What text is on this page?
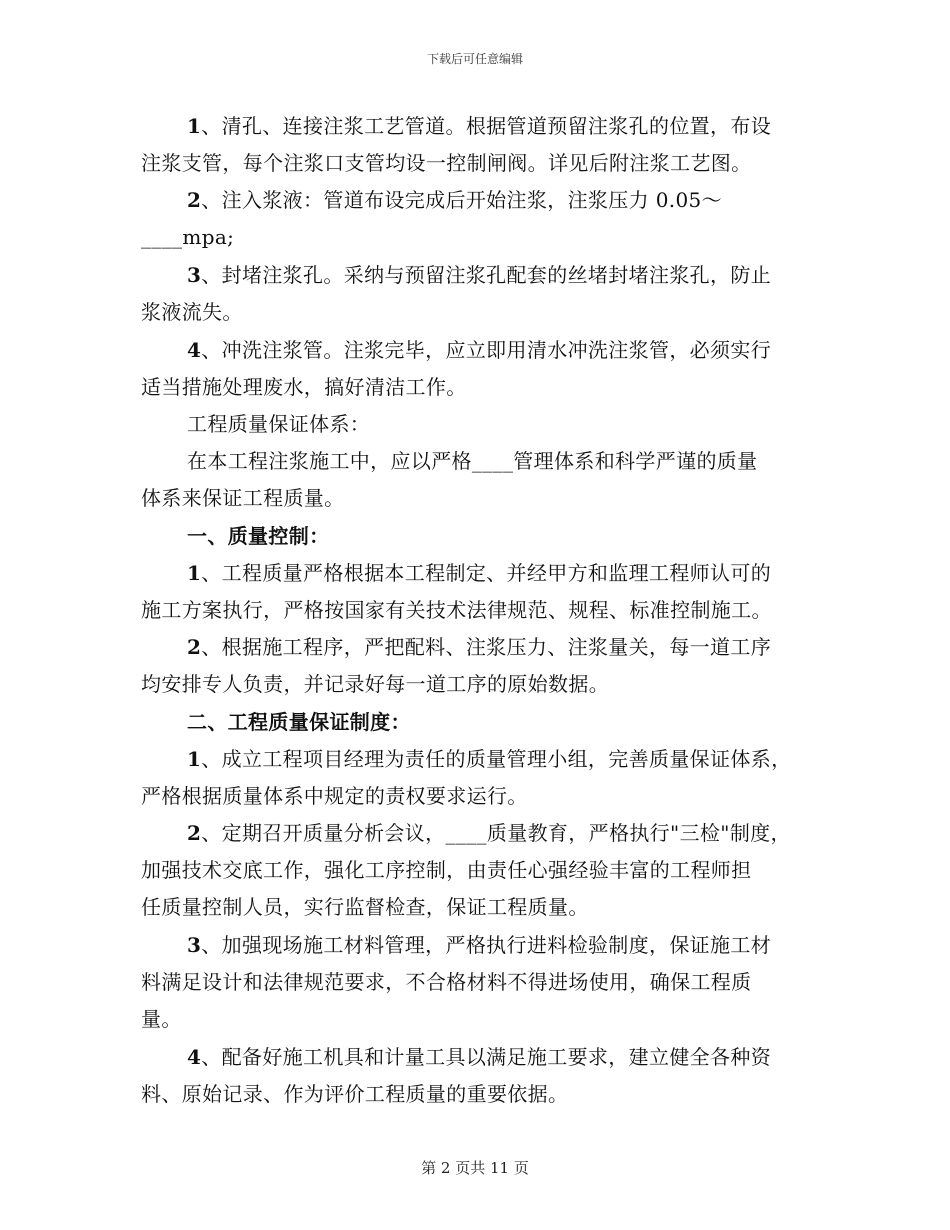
下载后可任意编辑
1、清孔、连接注浆工艺管道。根据管道预留注浆孔的位置，布设
注浆支管，每个注浆口支管均设一控制闸阀。详见后附注浆工艺图。
2、注入浆液：管道布设完成后开始注浆，注浆压力 0.05～
____mpa;
3、封堵注浆孔。采纳与预留注浆孔配套的丝堵封堵注浆孔，防止
浆液流失。
4、冲洗注浆管。注浆完毕，应立即用清水冲洗注浆管，必须实行
适当措施处理废水，搞好清洁工作。
工程质量保证体系：
在本工程注浆施工中，应以严格____管理体系和科学严谨的质量
体系来保证工程质量。
一、质量控制：
1、工程质量严格根据本工程制定、并经甲方和监理工程师认可的
施工方案执行，严格按国家有关技术法律规范、规程、标准控制施工。
2、根据施工程序，严把配料、注浆压力、注浆量关，每一道工序
均安排专人负责，并记录好每一道工序的原始数据。
二、工程质量保证制度：
1、成立工程项目经理为责任的质量管理小组，完善质量保证体系，
严格根据质量体系中规定的责权要求运行。
2、定期召开质量分析会议，____质量教育，严格执行"三检"制度，
加强技术交底工作，强化工序控制，由责任心强经验丰富的工程师担
任质量控制人员，实行监督检查，保证工程质量。
3、加强现场施工材料管理，严格执行进料检验制度，保证施工材
料满足设计和法律规范要求，不合格材料不得进场使用，确保工程质
量。
4、配备好施工机具和计量工具以满足施工要求，建立健全各种资
料、原始记录、作为评价工程质量的重要依据。
第 2 页共 11 页
